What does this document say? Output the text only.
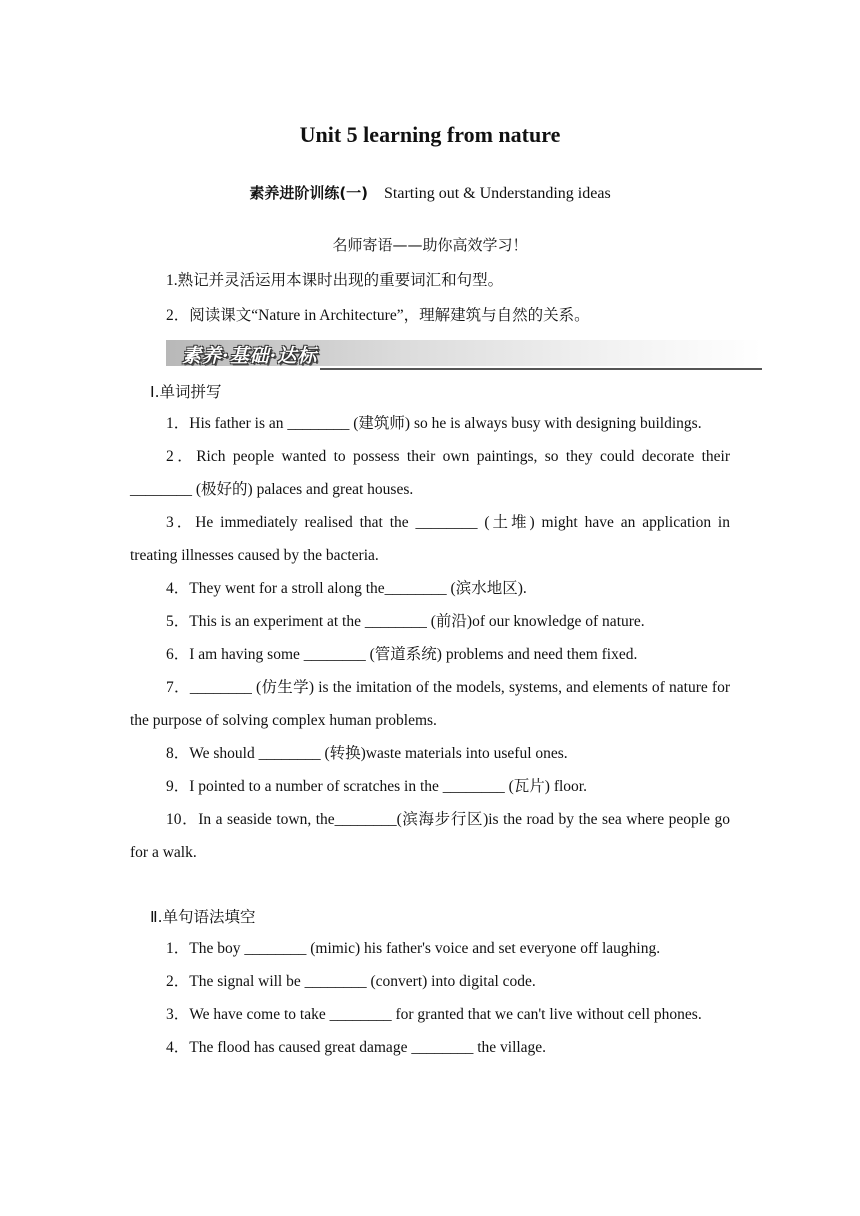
Unit 5 learning from nature
素养进阶训练(一) Starting out & Understanding ideas
名师寄语——助你高效学习！
1.熟记并灵活运用本课时出现的重要词汇和句型。
2．阅读课文“Nature in Architecture”，理解建筑与自然的关系。
素养·基础·达标
Ⅰ.单词拼写
1．His father is an ________ (建筑师) so he is always busy with designing buildings.
2．Rich people wanted to possess their own paintings, so they could decorate their ________ (极好的) palaces and great houses.
3．He immediately realised that the ________ (土堆) might have an application in treating illnesses caused by the bacteria.
4．They went for a stroll along the________ (滨水地区).
5．This is an experiment at the ________ (前沿)of our knowledge of nature.
6．I am having some ________ (管道系统) problems and need them fixed.
7．________ (仿生学) is the imitation of the models, systems, and elements of nature for the purpose of solving complex human problems.
8．We should ________ (转换)waste materials into useful ones.
9．I pointed to a number of scratches in the ________ (瓦片) floor.
10．In a seaside town, the________(滨海步行区)is the road by the sea where people go for a walk.
Ⅱ.单句语法填空
1．The boy ________ (mimic) his father's voice and set everyone off laughing.
2．The signal will be ________ (convert) into digital code.
3．We have come to take ________ for granted that we can't live without cell phones.
4．The flood has caused great damage ________ the village.
